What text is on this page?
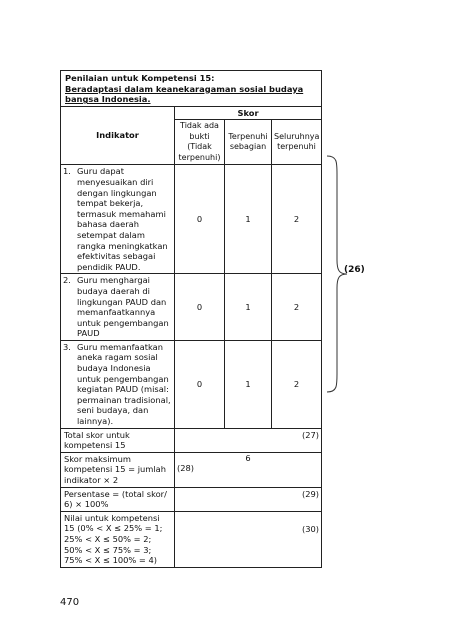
Penilaian untuk Kompetensi 15:
Beradaptasi dalam keanekaragaman sosial budaya bangsa Indonesia.			

Indikator	Skor		
	Tidak ada bukti (Tidak terpenuhi)	Terpenuhi sebagian	Seluruhnya terpenuhi

1. Guru dapat menyesuaikan diri dengan lingkungan tempat bekerja, termasuk memahami bahasa daerah setempat dalam rangka meningkatkan efektivitas sebagai pendidik PAUD.	0	1	2

2. Guru menghargai budaya daerah di lingkungan PAUD dan memanfaatkannya untuk pengembangan PAUD	0	1	2

3. Guru memanfaatkan aneka ragam sosial budaya Indonesia untuk pengembangan kegiatan PAUD (misal: permainan tradisional, seni budaya, dan lainnya).	0	1	2
Total skor untuk kompetensi 15	(27)		
Skor maksimum kompetensi 15 = jumlah indikator × 2	6
(28)		

Persentase = (total skor/ 6) × 100%	(29)		
Nilai untuk kompetensi 15 (0% < X ≤ 25% = 1; 25% < X ≤ 50% = 2; 50% < X ≤ 75% = 3; 75% < X ≤ 100% = 4)	(30)		
(26)
470
